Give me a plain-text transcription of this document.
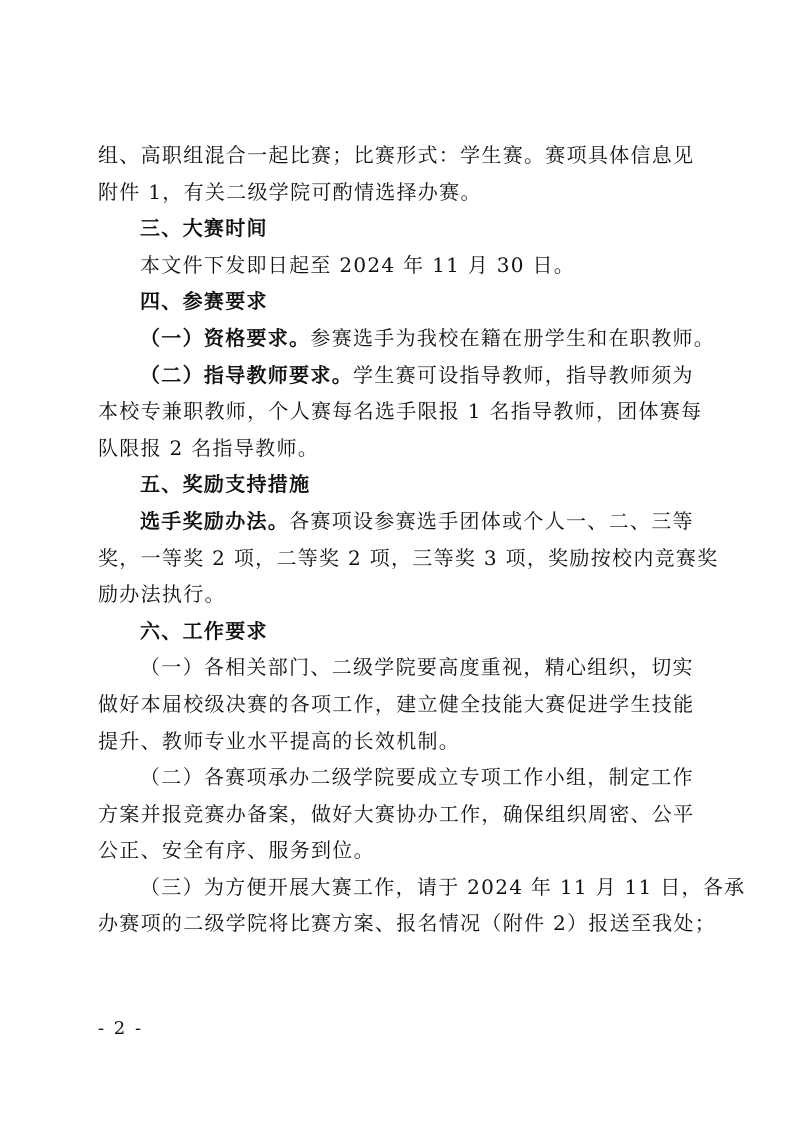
组、高职组混合一起比赛；比赛形式：学生赛。赛项具体信息见
附件 1，有关二级学院可酌情选择办赛。
三、大赛时间
本文件下发即日起至 2024 年 11 月 30 日。
四、参赛要求
（一）资格要求。参赛选手为我校在籍在册学生和在职教师。
（二）指导教师要求。学生赛可设指导教师，指导教师须为
本校专兼职教师，个人赛每名选手限报 1 名指导教师，团体赛每
队限报 2 名指导教师。
五、奖励支持措施
选手奖励办法。各赛项设参赛选手团体或个人一、二、三等
奖，一等奖 2 项，二等奖 2 项，三等奖 3 项，奖励按校内竞赛奖
励办法执行。
六、工作要求
（一）各相关部门、二级学院要高度重视，精心组织，切实
做好本届校级决赛的各项工作，建立健全技能大赛促进学生技能
提升、教师专业水平提高的长效机制。
（二）各赛项承办二级学院要成立专项工作小组，制定工作
方案并报竞赛办备案，做好大赛协办工作，确保组织周密、公平
公正、安全有序、服务到位。
（三）为方便开展大赛工作，请于 2024 年 11 月 11 日，各承
办赛项的二级学院将比赛方案、报名情况（附件 2）报送至我处；
- 2 -
